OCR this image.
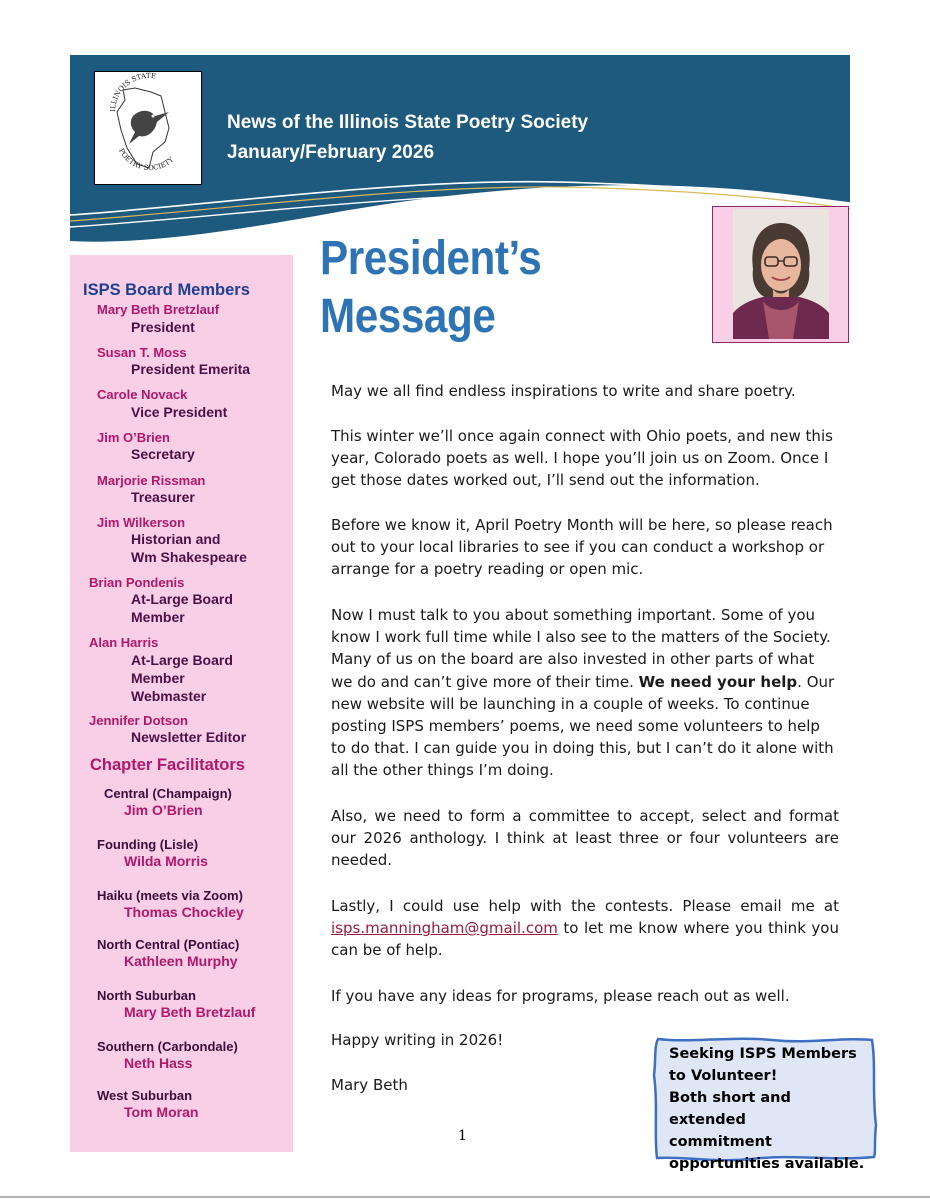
ILLINOIS STATE
POETRY SOCIETY
News of the Illinois State Poetry Society
January/February 2026
ISPS Board Members
Mary Beth Bretzlauf
President
Susan T. Moss
President Emerita
Carole Novack
Vice President
Jim O’Brien
Secretary
Marjorie Rissman
Treasurer
Jim Wilkerson
Historian and
Wm Shakespeare
Brian Pondenis
At-Large Board
Member
Alan Harris
At-Large Board
Member
Webmaster
Jennifer Dotson
Newsletter Editor
Chapter Facilitators
Central (Champaign)
Jim O’Brien
Founding (Lisle)
Wilda Morris
Haiku (meets via Zoom)
Thomas Chockley
North Central (Pontiac)
Kathleen Murphy
North Suburban
Mary Beth Bretzlauf
Southern (Carbondale)
Neth Hass
West Suburban
Tom Moran
President’s
Message
May we all find endless inspirations to write and share poetry.
This winter we’ll once again connect with Ohio poets, and new this year, Colorado poets as well. I hope you’ll join us on Zoom. Once I get those dates worked out, I’ll send out the information.
Before we know it, April Poetry Month will be here, so please reach out to your local libraries to see if you can conduct a workshop or arrange for a poetry reading or open mic.
Now I must talk to you about something important. Some of you know I work full time while I also see to the matters of the Society. Many of us on the board are also invested in other parts of what we do and can’t give more of their time. We need your help. Our new website will be launching in a couple of weeks. To continue posting ISPS members’ poems, we need some volunteers to help to do that. I can guide you in doing this, but I can’t do it alone with all the other things I’m doing.
Also, we need to form a committee to accept, select and format our 2026 anthology. I think at least three or four volunteers are needed.
Lastly, I could use help with the contests. Please email me at isps.manningham@gmail.com to let me know where you think you can be of help.
If you have any ideas for programs, please reach out as well.
Happy writing in 2026!
Mary Beth
1
Seeking ISPS Members
to Volunteer!
Both short and extended
commitment
opportunities available.
